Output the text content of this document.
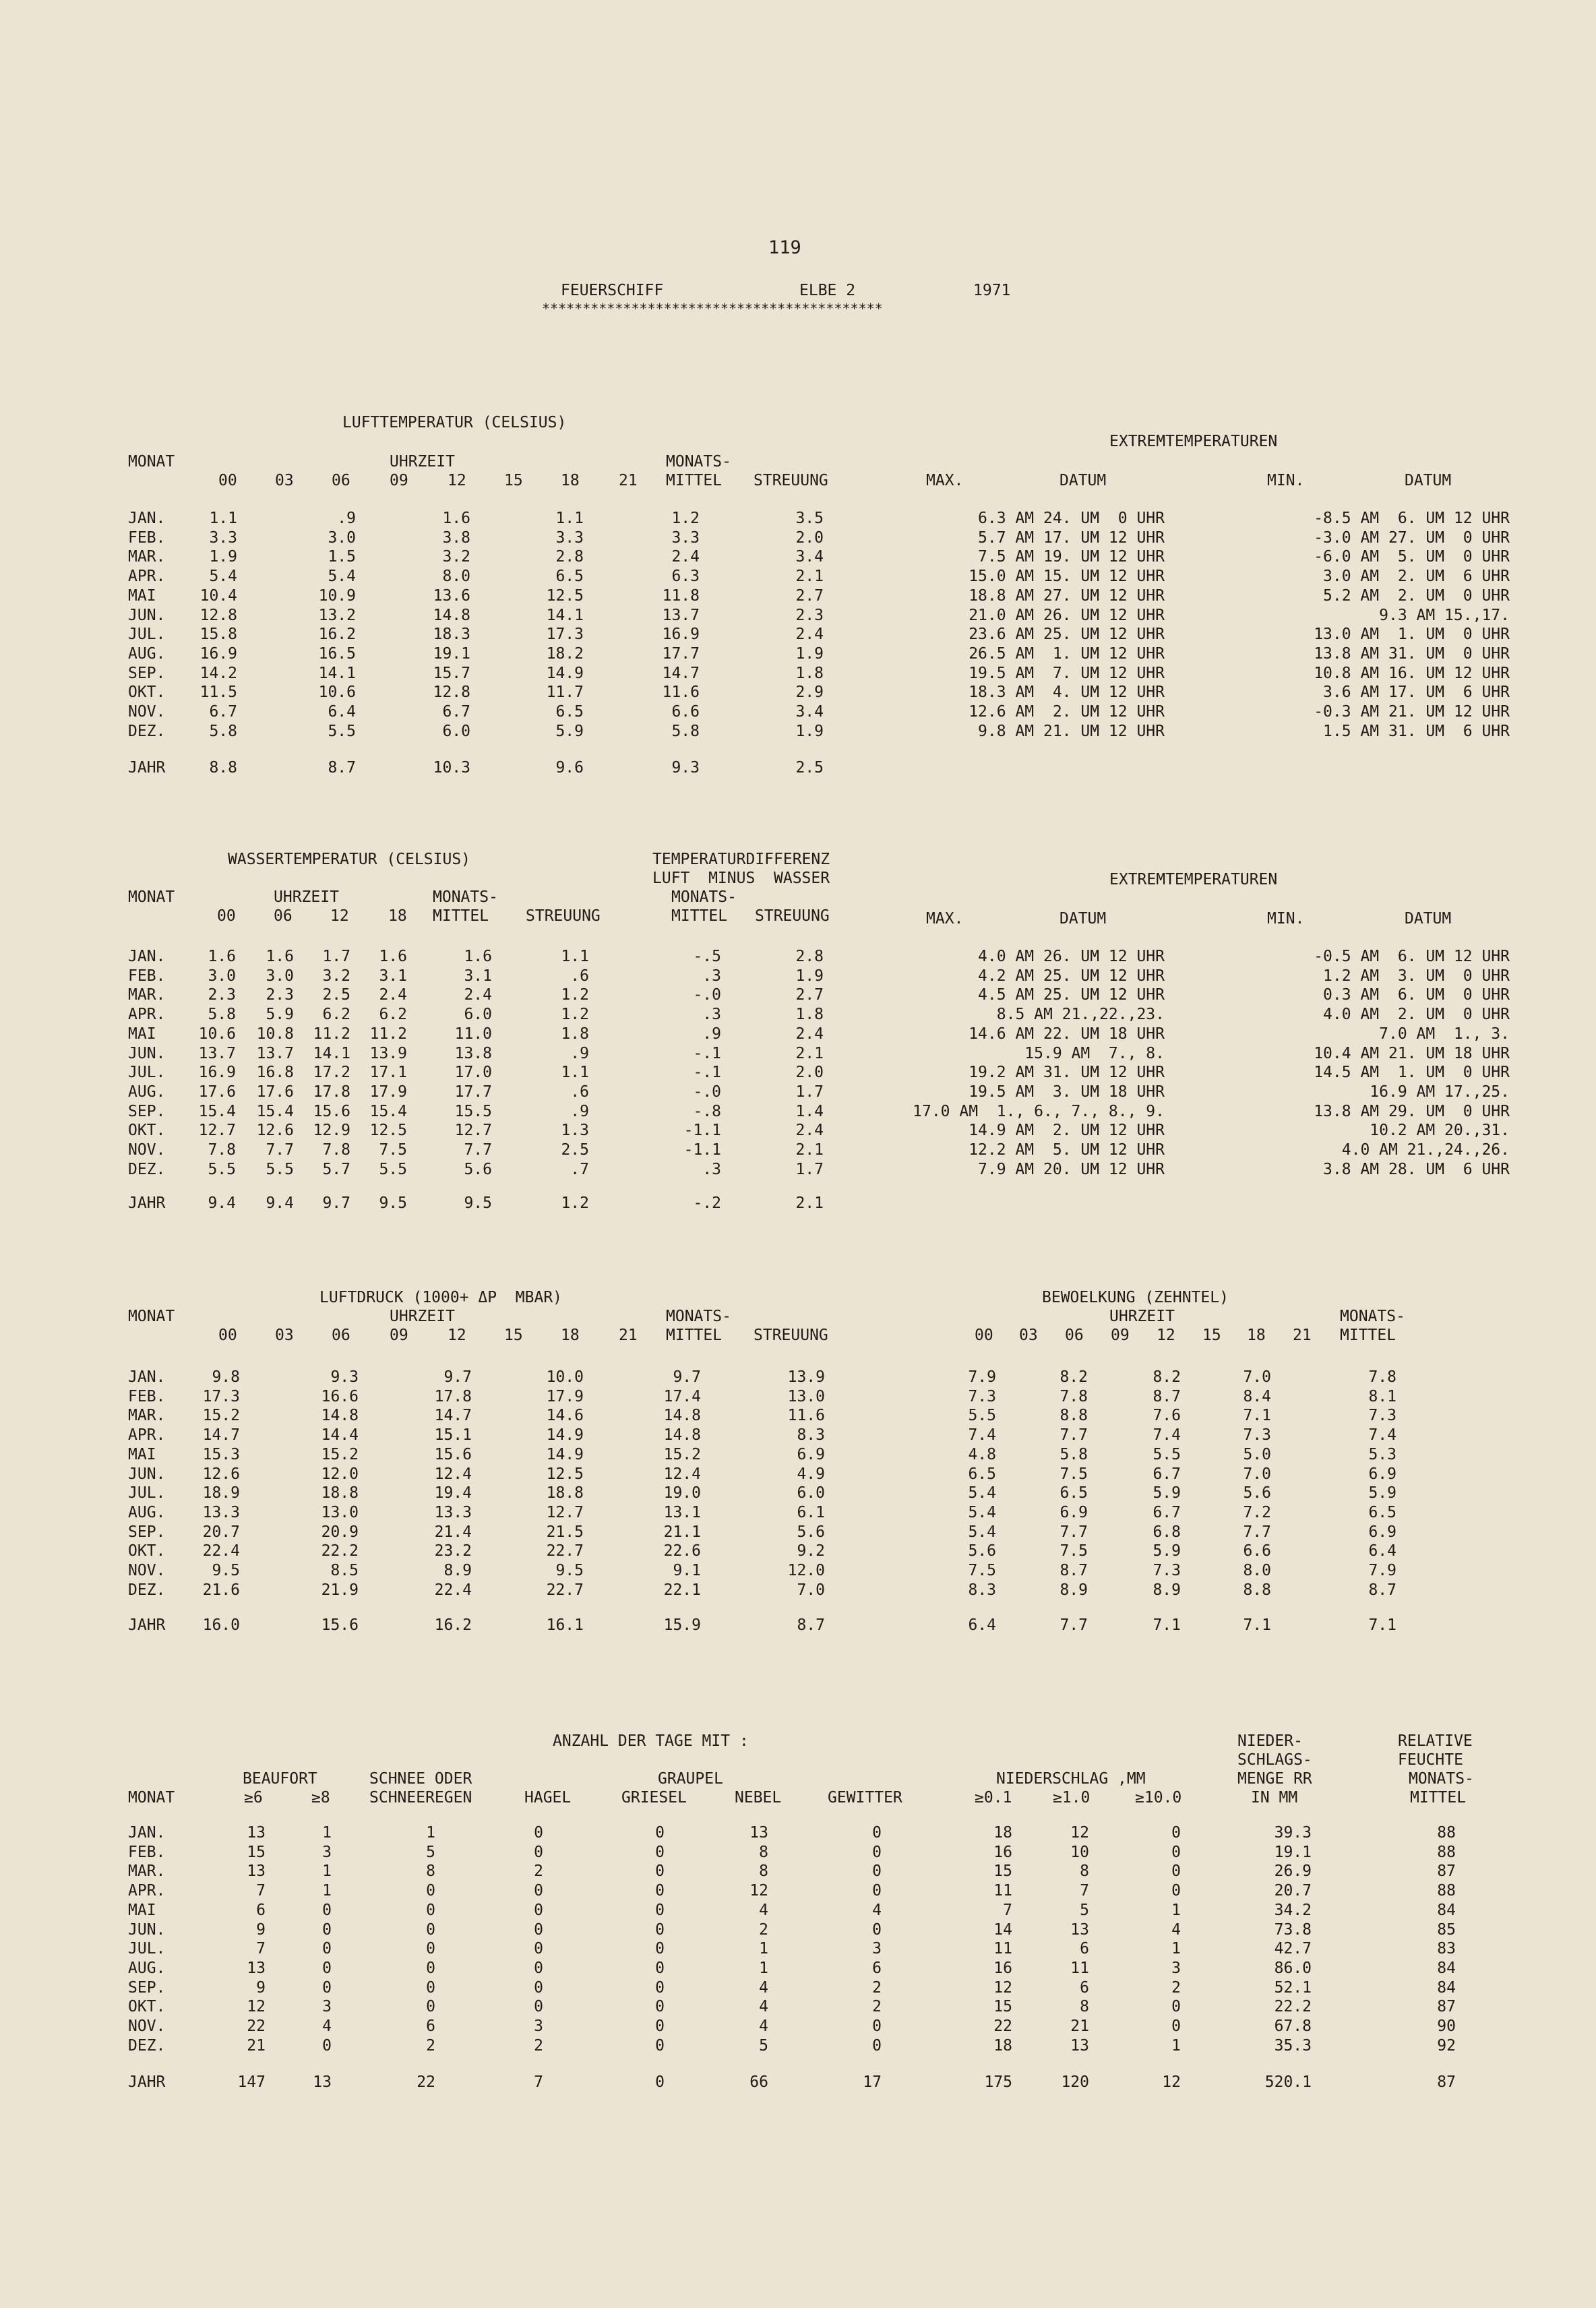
119
FEUERSCHIFF	ELBE 2	1971
******************************************
LUFTTEMPERATUR (CELSIUS)
EXTREMTEMPERATUREN
MONAT	UHRZEIT	MONATS-
00 03 06	09	12 15 18	21 MITTEL STREUUNG	MAX.	DATUM	MIN.	DATUM
JAN.	1.1	.9	1.6	1.1	1.2	3.5	6.3 AM 24. UM  0 UHR	-8.5 AM  6. UM 12 UHR
FEB.	3.3	3.0	3.8	3.3	3.3	2.0	5.7 AM 17. UM 12 UHR	-3.0 AM 27. UM  0 UHR
MAR.	1.9	1.5	3.2	2.8	2.4	3.4	7.5 AM 19. UM 12 UHR	-6.0 AM  5. UM  0 UHR
APR.	5.4	5.4	8.0	6.5	6.3	2.1	15.0 AM 15. UM 12 UHR	3.0 AM  2. UM  6 UHR
MAI	10.4	10.9	13.6	12.5	11.8	2.7	18.8 AM 27. UM 12 UHR	5.2 AM  2. UM  0 UHR
JUN. 12.8	13.2	14.8	14.1	13.7	2.3	21.0 AM 26. UM 12 UHR	9.3 AM 15.,17.
JUL. 15.8	16.2	18.3	17.3	16.9	2.4	23.6 AM 25. UM 12 UHR	13.0 AM  1. UM  0 UHR
AUG. 16.9	16.5	19.1	18.2	17.7	1.9	26.5 AM  1. UM 12 UHR	13.8 AM 31. UM  0 UHR
SEP. 14.2	14.1	15.7	14.9	14.7	1.8	19.5 AM  7. UM 12 UHR	10.8 AM 16. UM 12 UHR
OKT. 11.5	10.6	12.8	11.7	11.6	2.9	18.3 AM  4. UM 12 UHR	3.6 AM 17. UM  6 UHR
NOV.	6.7	6.4	6.7	6.5	6.6	3.4	12.6 AM  2. UM 12 UHR	-0.3 AM 21. UM 12 UHR
DEZ.	5.8	5.5	6.0	5.9	5.8	1.9	9.8 AM 21. UM 12 UHR	1.5 AM 31. UM  6 UHR
JAHR	8.8	8.7	10.3	9.6	9.3	2.5
WASSERTEMPERATUR (CELSIUS)	TEMPERATURDIFFERENZ
LUFT  MINUS  WASSER	EXTREMTEMPERATUREN
MONAT	UHRZEIT	MONATS-	MONATS-
00 06 12	18 MITTEL STREUUNG	MITTEL STREUUNG	MAX.	DATUM	MIN.	DATUM
JAN.	1.6 1.6 1.7 1.6	1.6	1.1	-.5	2.8	4.0 AM 26. UM 12 UHR	-0.5 AM  6. UM 12 UHR
FEB.	3.0 3.0 3.2 3.1	3.1	.6	.3	1.9	4.2 AM 25. UM 12 UHR	1.2 AM  3. UM  0 UHR
MAR.	2.3 2.3 2.5 2.4	2.4	1.2	-.0	2.7	4.5 AM 25. UM 12 UHR	0.3 AM  6. UM  0 UHR
APR.	5.8 5.9 6.2 6.2	6.0	1.2	.3	1.8	8.5 AM 21.,22.,23.	4.0 AM  2. UM  0 UHR
MAI	10.6 10.8 11.2 11.2	11.0	1.8	.9	2.4	14.6 AM 22. UM 18 UHR	7.0 AM  1., 3.
JUN. 13.7 13.7 14.1 13.9	13.8	.9	-.1	2.1	15.9 AM  7., 8.	10.4 AM 21. UM 18 UHR
JUL. 16.9 16.8 17.2 17.1	17.0	1.1	-.1	2.0	19.2 AM 31. UM 12 UHR	14.5 AM  1. UM  0 UHR
AUG. 17.6 17.6 17.8 17.9	17.7	.6	-.0	1.7	19.5 AM  3. UM 18 UHR	16.9 AM 17.,25.
SEP. 15.4 15.4 15.6 15.4	15.5	.9	-.8	1.4	17.0 AM  1., 6., 7., 8., 9.	13.8 AM 29. UM  0 UHR
OKT. 12.7 12.6 12.9 12.5	12.7	1.3	-1.1	2.4	14.9 AM  2. UM 12 UHR	10.2 AM 20.,31.
NOV.	7.8 7.7 7.8 7.5	7.7	2.5	-1.1	2.1	12.2 AM  5. UM 12 UHR	4.0 AM 21.,24.,26.
DEZ.	5.5 5.5 5.7 5.5	5.6	.7	.3	1.7	7.9 AM 20. UM 12 UHR	3.8 AM 28. UM  6 UHR
JAHR	9.4 9.4 9.7 9.5	9.5	1.2	-.2	2.1
LUFTDRUCK (1000+ ΔP  MBAR)	BEWOELKUNG (ZEHNTEL)
MONAT	UHRZEIT	MONATS-	UHRZEIT	MONATS-
00 03 06	09	12 15 18	21 MITTEL STREUUNG	00 03 06 09 12 15 18 21 MITTEL
JAN.	9.8	9.3	9.7	10.0	9.7	13.9	7.9	8.2	8.2	7.0	7.8
FEB. 17.3	16.6	17.8	17.9	17.4	13.0	7.3	7.8	8.7	8.4	8.1
MAR. 15.2	14.8	14.7	14.6	14.8	11.6	5.5	8.8	7.6	7.1	7.3
APR. 14.7	14.4	15.1	14.9	14.8	8.3	7.4	7.7	7.4	7.3	7.4
MAI	15.3	15.2	15.6	14.9	15.2	6.9	4.8	5.8	5.5	5.0	5.3
JUN. 12.6	12.0	12.4	12.5	12.4	4.9	6.5	7.5	6.7	7.0	6.9
JUL. 18.9	18.8	19.4	18.8	19.0	6.0	5.4	6.5	5.9	5.6	5.9
AUG. 13.3	13.0	13.3	12.7	13.1	6.1	5.4	6.9	6.7	7.2	6.5
SEP. 20.7	20.9	21.4	21.5	21.1	5.6	5.4	7.7	6.8	7.7	6.9
OKT. 22.4	22.2	23.2	22.7	22.6	9.2	5.6	7.5	5.9	6.6	6.4
NOV.	9.5	8.5	8.9	9.5	9.1	12.0	7.5	8.7	7.3	8.0	7.9
DEZ. 21.6	21.9	22.4	22.7	22.1	7.0	8.3	8.9	8.9	8.8	8.7
JAHR 16.0	15.6	16.2	16.1	15.9	8.7	6.4	7.7	7.1	7.1	7.1
ANZAHL DER TAGE MIT :	NIEDER-	RELATIVE
SCHLAGS-	FEUCHTE
BEAUFORT	SCHNEE ODER	GRAUPEL	NIEDERSCHLAG ,MM	MENGE RR	MONATS-
MONAT	≥6	≥8	SCHNEEREGEN	HAGEL	GRIESEL	NEBEL	GEWITTER	≥0.1	≥1.0	≥10.0	IN MM	MITTEL
JAN.	13	1	1	0	0	13	0	18	12	0	39.3	88
FEB.	15	3	5	0	0	8	0	16	10	0	19.1	88
MAR.	13	1	8	2	0	8	0	15	8	0	26.9	87
APR.	7	1	0	0	0	12	0	11	7	0	20.7	88
MAI	6	0	0	0	0	4	4	7	5	1	34.2	84
JUN.	9	0	0	0	0	2	0	14	13	4	73.8	85
JUL.	7	0	0	0	0	1	3	11	6	1	42.7	83
AUG.	13	0	0	0	0	1	6	16	11	3	86.0	84
SEP.	9	0	0	0	0	4	2	12	6	2	52.1	84
OKT.	12	3	0	0	0	4	2	15	8	0	22.2	87
NOV.	22	4	6	3	0	4	0	22	21	0	67.8	90
DEZ.	21	0	2	2	0	5	0	18	13	1	35.3	92
JAHR	147	13	22	7	0	66	17	175	120	12	520.1	87
